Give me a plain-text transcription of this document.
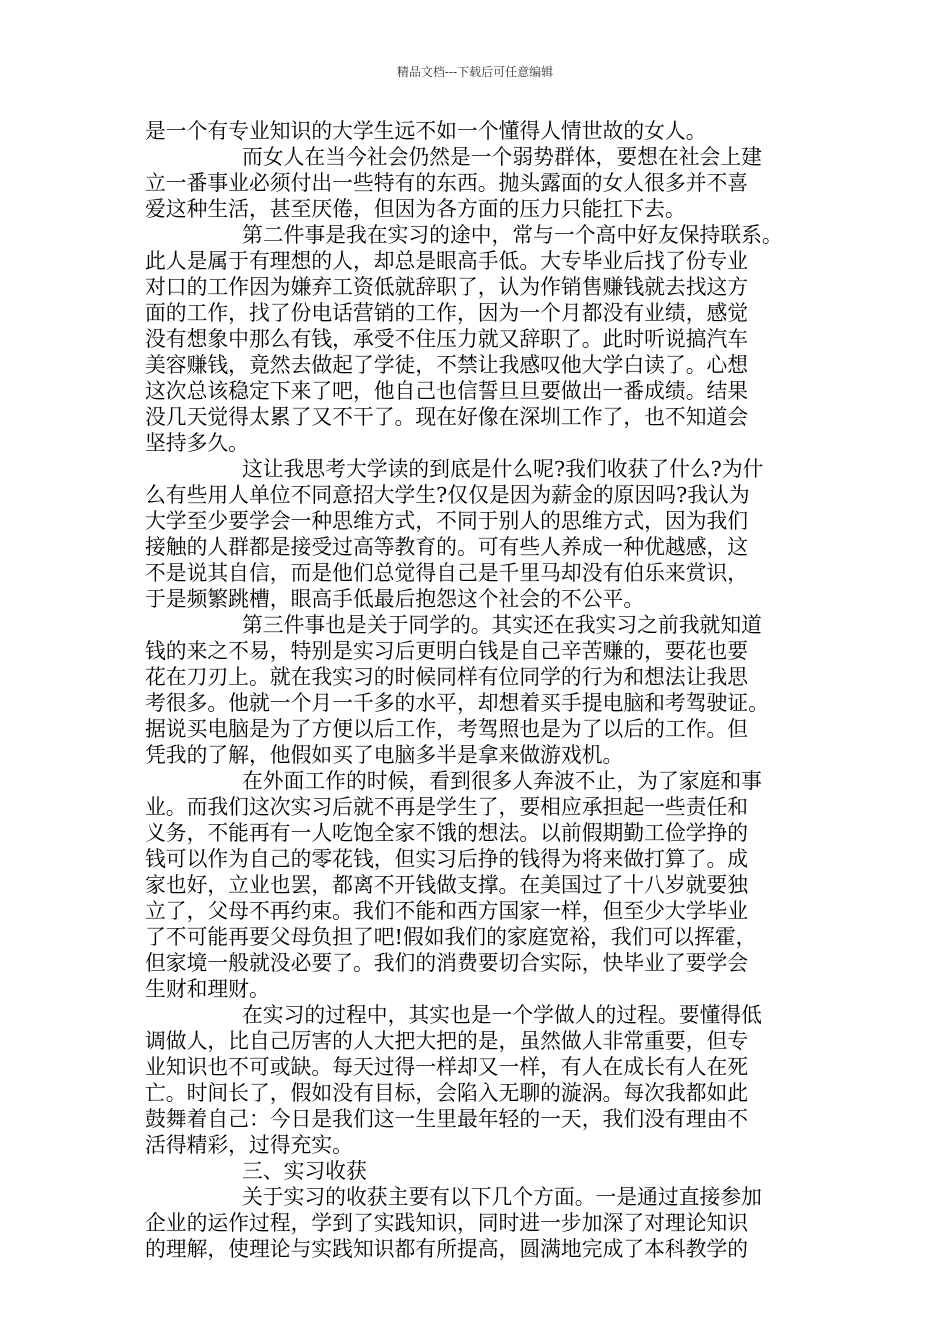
精品文档---下载后可任意编辑
是一个有专业知识的大学生远不如一个懂得人情世故的女人。
而女人在当今社会仍然是一个弱势群体，要想在社会上建
立一番事业必须付出一些特有的东西。抛头露面的女人很多并不喜
爱这种生活，甚至厌倦，但因为各方面的压力只能扛下去。
第二件事是我在实习的途中，常与一个高中好友保持联系。
此人是属于有理想的人，却总是眼高手低。大专毕业后找了份专业
对口的工作因为嫌弃工资低就辞职了，认为作销售赚钱就去找这方
面的工作，找了份电话营销的工作，因为一个月都没有业绩，感觉
没有想象中那么有钱，承受不住压力就又辞职了。此时听说搞汽车
美容赚钱，竟然去做起了学徒，不禁让我感叹他大学白读了。心想
这次总该稳定下来了吧，他自己也信誓旦旦要做出一番成绩。结果
没几天觉得太累了又不干了。现在好像在深圳工作了，也不知道会
坚持多久。
这让我思考大学读的到底是什么呢?我们收获了什么?为什
么有些用人单位不同意招大学生?仅仅是因为薪金的原因吗?我认为
大学至少要学会一种思维方式，不同于别人的思维方式，因为我们
接触的人群都是接受过高等教育的。可有些人养成一种优越感，这
不是说其自信，而是他们总觉得自己是千里马却没有伯乐来赏识，
于是频繁跳槽，眼高手低最后抱怨这个社会的不公平。
第三件事也是关于同学的。其实还在我实习之前我就知道
钱的来之不易，特别是实习后更明白钱是自己辛苦赚的，要花也要
花在刀刃上。就在我实习的时候同样有位同学的行为和想法让我思
考很多。他就一个月一千多的水平，却想着买手提电脑和考驾驶证。
据说买电脑是为了方便以后工作，考驾照也是为了以后的工作。但
凭我的了解，他假如买了电脑多半是拿来做游戏机。
在外面工作的时候，看到很多人奔波不止，为了家庭和事
业。而我们这次实习后就不再是学生了，要相应承担起一些责任和
义务，不能再有一人吃饱全家不饿的想法。以前假期勤工俭学挣的
钱可以作为自己的零花钱，但实习后挣的钱得为将来做打算了。成
家也好，立业也罢，都离不开钱做支撑。在美国过了十八岁就要独
立了，父母不再约束。我们不能和西方国家一样，但至少大学毕业
了不可能再要父母负担了吧!假如我们的家庭宽裕，我们可以挥霍，
但家境一般就没必要了。我们的消费要切合实际，快毕业了要学会
生财和理财。
在实习的过程中，其实也是一个学做人的过程。要懂得低
调做人，比自己厉害的人大把大把的是，虽然做人非常重要，但专
业知识也不可或缺。每天过得一样却又一样，有人在成长有人在死
亡。时间长了，假如没有目标，会陷入无聊的漩涡。每次我都如此
鼓舞着自己：今日是我们这一生里最年轻的一天，我们没有理由不
活得精彩，过得充实。
三、实习收获
关于实习的收获主要有以下几个方面。一是通过直接参加
企业的运作过程，学到了实践知识，同时进一步加深了对理论知识
的理解，使理论与实践知识都有所提高，圆满地完成了本科教学的
